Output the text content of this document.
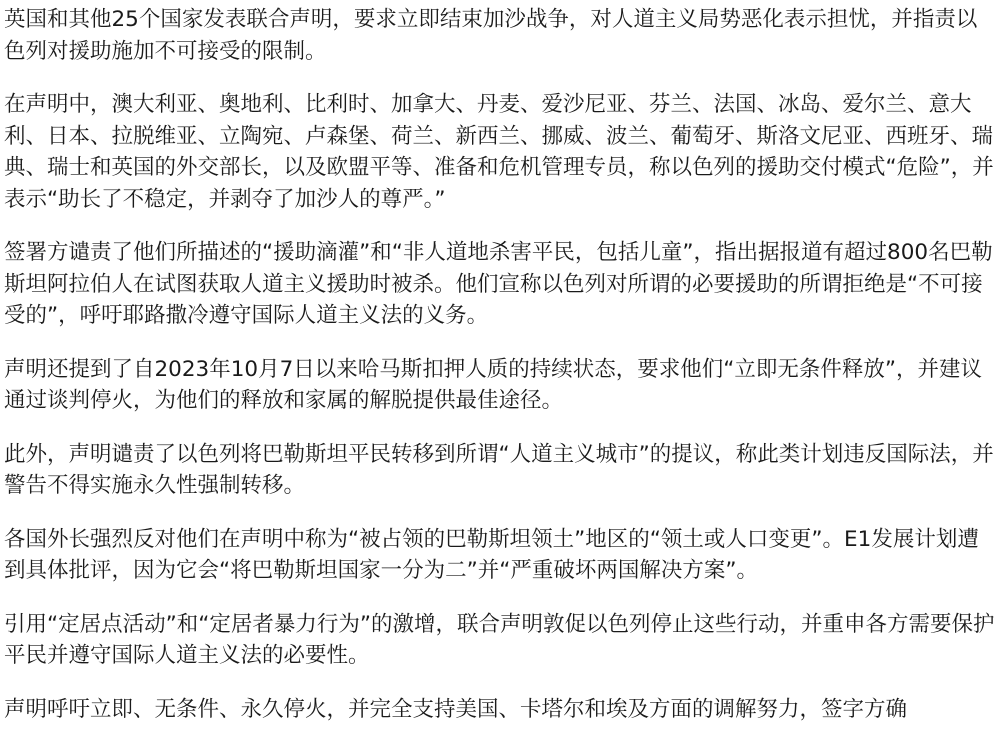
英国和其他25个国家发表联合声明，要求立即结束加沙战争，对人道主义局势恶化表示担忧，并指责以色列对援助施加不可接受的限制。

在声明中，澳大利亚、奥地利、比利时、加拿大、丹麦、爱沙尼亚、芬兰、法国、冰岛、爱尔兰、意大利、日本、拉脱维亚、立陶宛、卢森堡、荷兰、新西兰、挪威、波兰、葡萄牙、斯洛文尼亚、西班牙、瑞典、瑞士和英国的外交部长，以及欧盟平等、准备和危机管理专员，称以色列的援助交付模式“危险”，并表示“助长了不稳定，并剥夺了加沙人的尊严。”

签署方谴责了他们所描述的“援助滴灌”和“非人道地杀害平民，包括儿童”，指出据报道有超过800名巴勒斯坦阿拉伯人在试图获取人道主义援助时被杀。他们宣称以色列对所谓的必要援助的所谓拒绝是“不可接受的”，呼吁耶路撒冷遵守国际人道主义法的义务。

声明还提到了自2023年10月7日以来哈马斯扣押人质的持续状态，要求他们“立即无条件释放”，并建议通过谈判停火，为他们的释放和家属的解脱提供最佳途径。

此外，声明谴责了以色列将巴勒斯坦平民转移到所谓“人道主义城市”的提议，称此类计划违反国际法，并警告不得实施永久性强制转移。

各国外长强烈反对他们在声明中称为“被占领的巴勒斯坦领土”地区的“领土或人口变更”。E1发展计划遭到具体批评，因为它会“将巴勒斯坦国家一分为二”并“严重破坏两国解决方案”。

引用“定居点活动”和“定居者暴力行为”的激增，联合声明敦促以色列停止这些行动，并重申各方需要保护平民并遵守国际人道主义法的必要性。

声明呼吁立即、无条件、永久停火，并完全支持美国、卡塔尔和埃及方面的调解努力，签字方确
